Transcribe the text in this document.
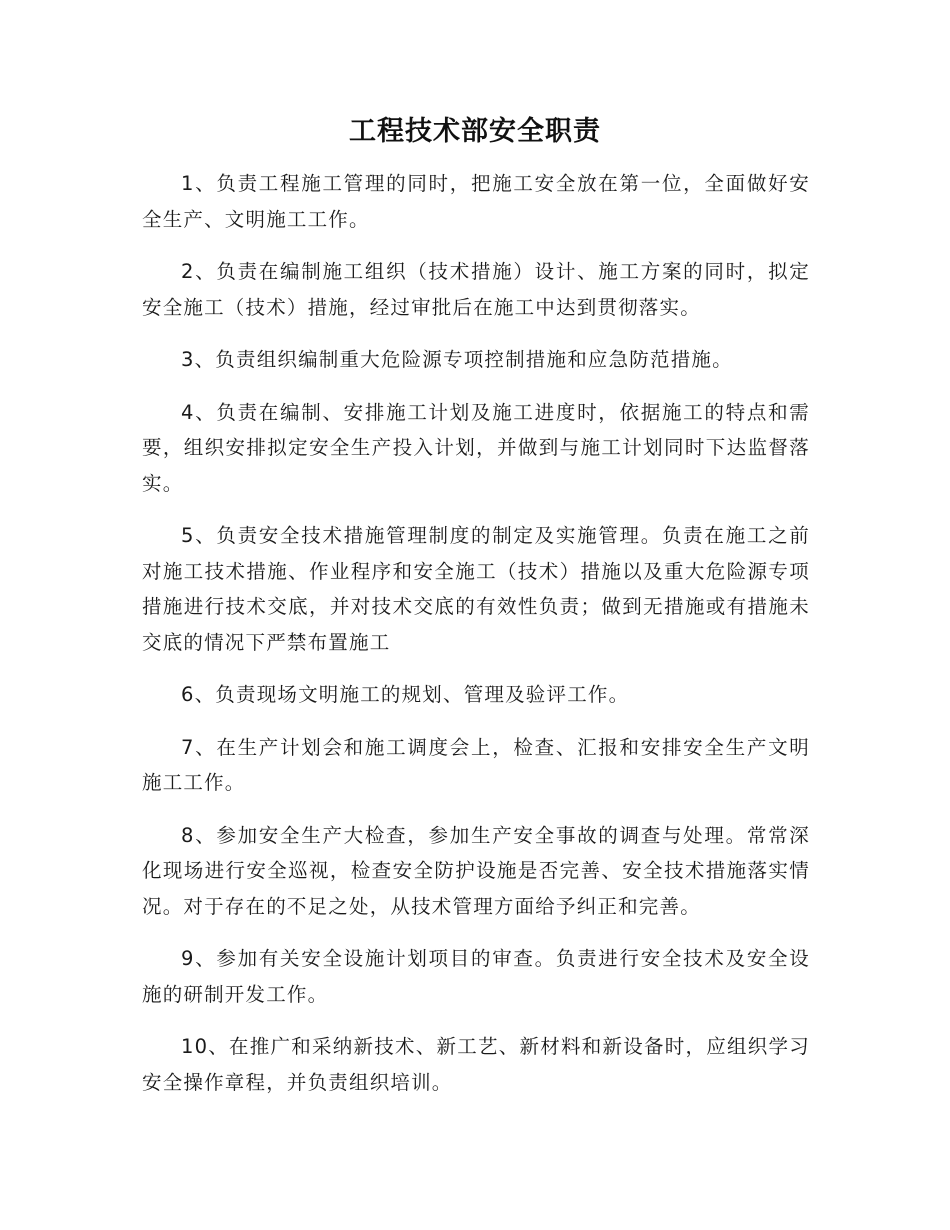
工程技术部安全职责

1、负责工程施工管理的同时，把施工安全放在第一位，全面做好安全生产、文明施工工作。

2、负责在编制施工组织（技术措施）设计、施工方案的同时，拟定安全施工（技术）措施，经过审批后在施工中达到贯彻落实。

3、负责组织编制重大危险源专项控制措施和应急防范措施。

4、负责在编制、安排施工计划及施工进度时，依据施工的特点和需要，组织安排拟定安全生产投入计划，并做到与施工计划同时下达监督落实。

5、负责安全技术措施管理制度的制定及实施管理。负责在施工之前对施工技术措施、作业程序和安全施工（技术）措施以及重大危险源专项措施进行技术交底，并对技术交底的有效性负责；做到无措施或有措施未交底的情况下严禁布置施工

6、负责现场文明施工的规划、管理及验评工作。

7、在生产计划会和施工调度会上，检查、汇报和安排安全生产文明施工工作。

8、参加安全生产大检查，参加生产安全事故的调查与处理。常常深化现场进行安全巡视，检查安全防护设施是否完善、安全技术措施落实情况。对于存在的不足之处，从技术管理方面给予纠正和完善。

9、参加有关安全设施计划项目的审查。负责进行安全技术及安全设施的研制开发工作。

10、在推广和采纳新技术、新工艺、新材料和新设备时，应组织学习安全操作章程，并负责组织培训。
